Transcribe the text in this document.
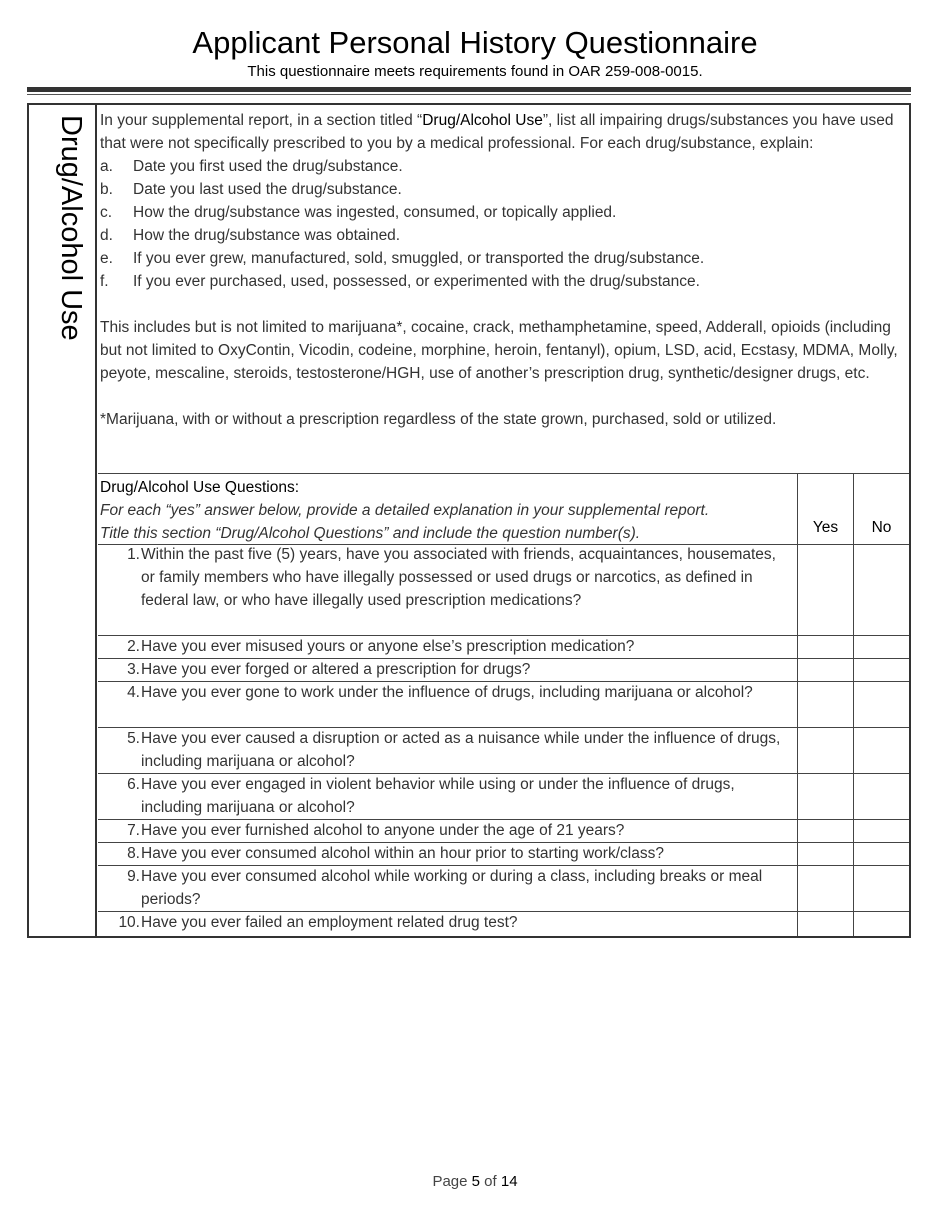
Applicant Personal History Questionnaire
This questionnaire meets requirements found in OAR 259-008-0015.
Drug/Alcohol Use In your supplemental report, in a section titled “Drug/Alcohol Use”, list all impairing drugs/substances you have used that were not specifically prescribed to you by a medical professional. For each drug/substance, explain:

a. Date you first used the drug/substance.

b. Date you last used the drug/substance.

c. How the drug/substance was ingested, consumed, or topically applied.

d. How the drug/substance was obtained.

e. If you ever grew, manufactured, sold, smuggled, or transported the drug/substance.

f. If you ever purchased, used, possessed, or experimented with the drug/substance.

This includes but is not limited to marijuana*, cocaine, crack, methamphetamine, speed, Adderall, opioids (including but not limited to OxyContin, Vicodin, codeine, morphine, heroin, fentanyl), opium, LSD, acid, Ecstasy, MDMA, Molly, peyote, mescaline, steroids, testosterone/HGH, use of another’s prescription drug, synthetic/designer drugs, etc.

*Marijuana, with or without a prescription regardless of the state grown, purchased, sold or utilized.

Drug/Alcohol Use Questions:
For each “yes” answer below, provide a detailed explanation in your supplemental report.
Title this section “Drug/Alcohol Questions” and include the question number(s).	Yes	No
1. Within the past five (5) years, have you associated with friends, acquaintances, housemates, or family members who have illegally possessed or used drugs or narcotics, as defined in federal law, or who have illegally used prescription medications?
2. Have you ever misused yours or anyone else’s prescription medication?
3. Have you ever forged or altered a prescription for drugs?
4. Have you ever gone to work under the influence of drugs, including marijuana or alcohol?
5. Have you ever caused a disruption or acted as a nuisance while under the influence of drugs, including marijuana or alcohol?
6. Have you ever engaged in violent behavior while using or under the influence of drugs, including marijuana or alcohol?
7. Have you ever furnished alcohol to anyone under the age of 21 years?
8. Have you ever consumed alcohol within an hour prior to starting work/class?
9. Have you ever consumed alcohol while working or during a class, including breaks or meal periods?
10. Have you ever failed an employment related drug test?
Page 5 of 14
